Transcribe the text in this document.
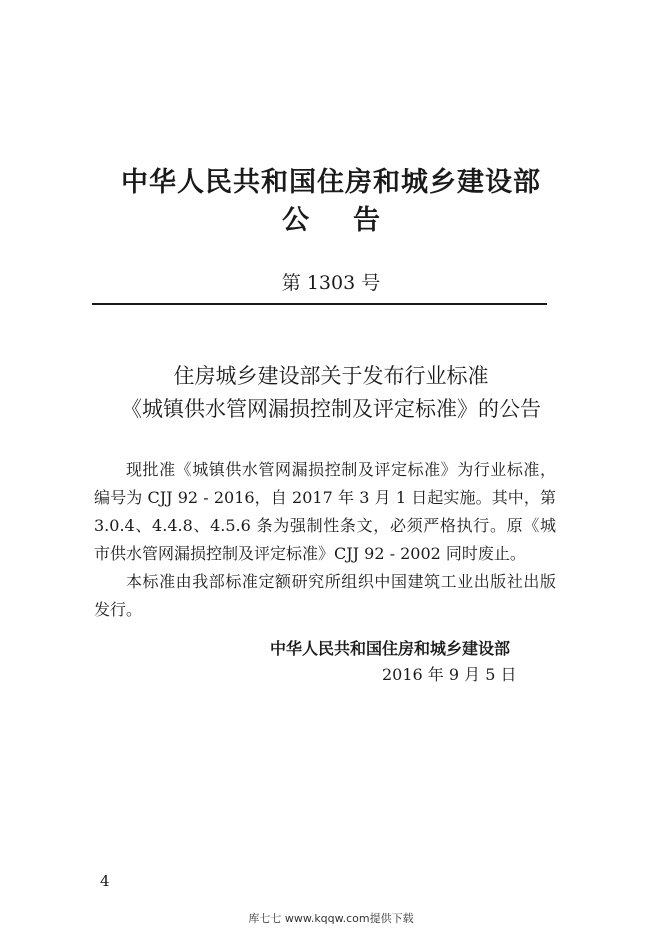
中华人民共和国住房和城乡建设部
公 告
第 1303 号
住房城乡建设部关于发布行业标准
《城镇供水管网漏损控制及评定标准》的公告

现批准《城镇供水管网漏损控制及评定标准》为行业标准，编号为 CJJ 92 - 2016，自 2017 年 3 月 1 日起实施。其中，第 3.0.4、4.4.8、4.5.6 条为强制性条文，必须严格执行。原《城市供水管网漏损控制及评定标准》CJJ 92 - 2002 同时废止。

本标准由我部标准定额研究所组织中国建筑工业出版社出版发行。

中华人民共和国住房和城乡建设部
2016 年 9 月 5 日
4
库七七 www.kqqw.com提供下载
